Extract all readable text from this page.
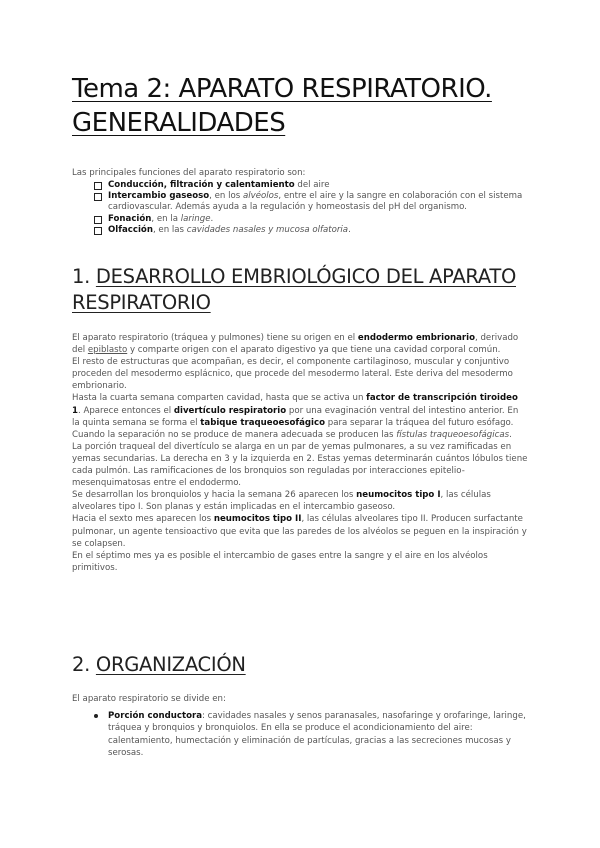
Tema 2: APARATO RESPIRATORIO. GENERALIDADES
Las principales funciones del aparato respiratorio son:
Conducción, filtración y calentamiento del aire
Intercambio gaseoso, en los alvéolos, entre el aire y la sangre en colaboración con el sistema cardiovascular. Además ayuda a la regulación y homeostasis del pH del organismo.
Fonación, en la laringe.
Olfacción, en las cavidades nasales y mucosa olfatoria.
1. DESARROLLO EMBRIOLÓGICO DEL APARATO RESPIRATORIO

El aparato respiratorio (tráquea y pulmones) tiene su origen en el endodermo embrionario, derivado del epiblasto y comparte origen con el aparato digestivo ya que tiene una cavidad corporal común.

El resto de estructuras que acompañan, es decir, el componente cartilaginoso, muscular y conjuntivo proceden del mesodermo esplácnico, que procede del mesodermo lateral. Este deriva del mesodermo embrionario.

Hasta la cuarta semana comparten cavidad, hasta que se activa un factor de transcripción tiroideo 1. Aparece entonces el divertículo respiratorio por una evaginación ventral del intestino anterior. En la quinta semana se forma el tabique traqueoesofágico para separar la tráquea del futuro esófago.

Cuando la separación no se produce de manera adecuada se producen las fístulas traqueoesofágicas.

La porción traqueal del divertículo se alarga en un par de yemas pulmonares, a su vez ramificadas en yemas secundarias. La derecha en 3 y la izquierda en 2. Estas yemas determinarán cuántos lóbulos tiene cada pulmón. Las ramificaciones de los bronquios son reguladas por interacciones epitelio-mesenquimatosas entre el endodermo.

Se desarrollan los bronquiolos y hacia la semana 26 aparecen los neumocitos tipo I, las células alveolares tipo I. Son planas y están implicadas en el intercambio gaseoso.

Hacia el sexto mes aparecen los neumocitos tipo II, las células alveolares tipo II. Producen surfactante pulmonar, un agente tensioactivo que evita que las paredes de los alvéolos se peguen en la inspiración y se colapsen.

En el séptimo mes ya es posible el intercambio de gases entre la sangre y el aire en los alvéolos primitivos.

2. ORGANIZACIÓN
El aparato respiratorio se divide en:
Porción conductora: cavidades nasales y senos paranasales, nasofaringe y orofaringe, laringe, tráquea y bronquios y bronquiolos. En ella se produce el acondicionamiento del aire: calentamiento, humectación y eliminación de partículas, gracias a las secreciones mucosas y serosas.
